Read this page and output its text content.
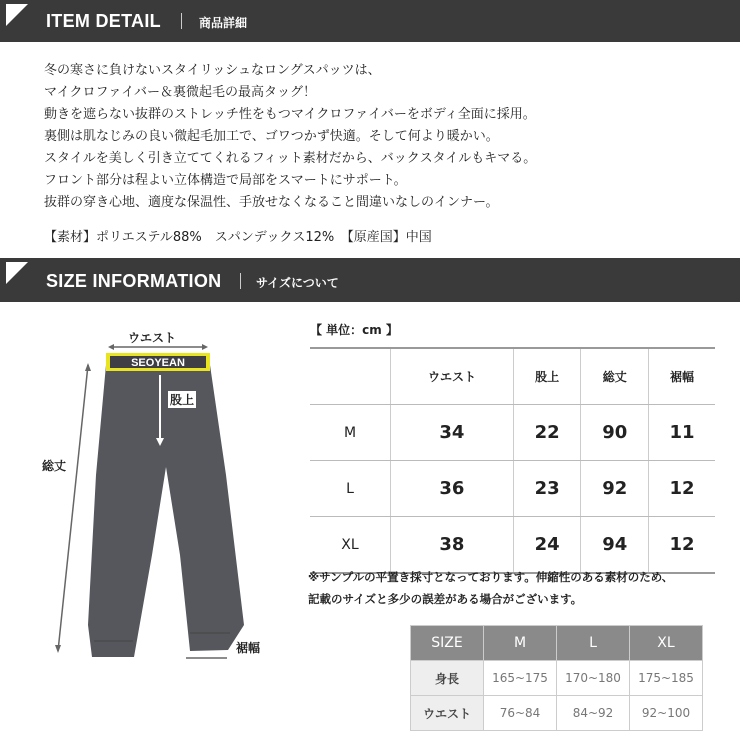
ITEM DETAIL	商品詳細

冬の寒さに負けないスタイリッシュなロングスパッツは、

マイクロファイバー＆裏微起毛の最高タッグ！

動きを遮らない抜群のストレッチ性をもつマイクロファイバーをボディ全面に採用。

裏側は肌なじみの良い微起毛加工で、ゴワつかず快適。そして何より暖かい。

スタイルを美しく引き立ててくれるフィット素材だから、バックスタイルもキマる。

フロント部分は程よい立体構造で局部をスマートにサポート。

抜群の穿き心地、適度な保温性、手放せなくなること間違いなしのインナー。

【素材】ポリエステル88%　スパンデックス12%　【原産国】中国
SIZE INFORMATION	サイズについて
SEOYEAN
ウエスト
股上
総丈
裾幅
【 単位：cm 】
	ウエスト	股上	総丈	裾幅
M	34	22	90	11
L	36	23	92	12
XL	38	24	94	12

※サンプルの平置き採寸となっております。伸縮性のある素材のため、

記載のサイズと多少の誤差がある場合がございます。

SIZE	M	L	XL
身長	165~175	170~180	175~185
ウエスト	76~84	84~92	92~100
